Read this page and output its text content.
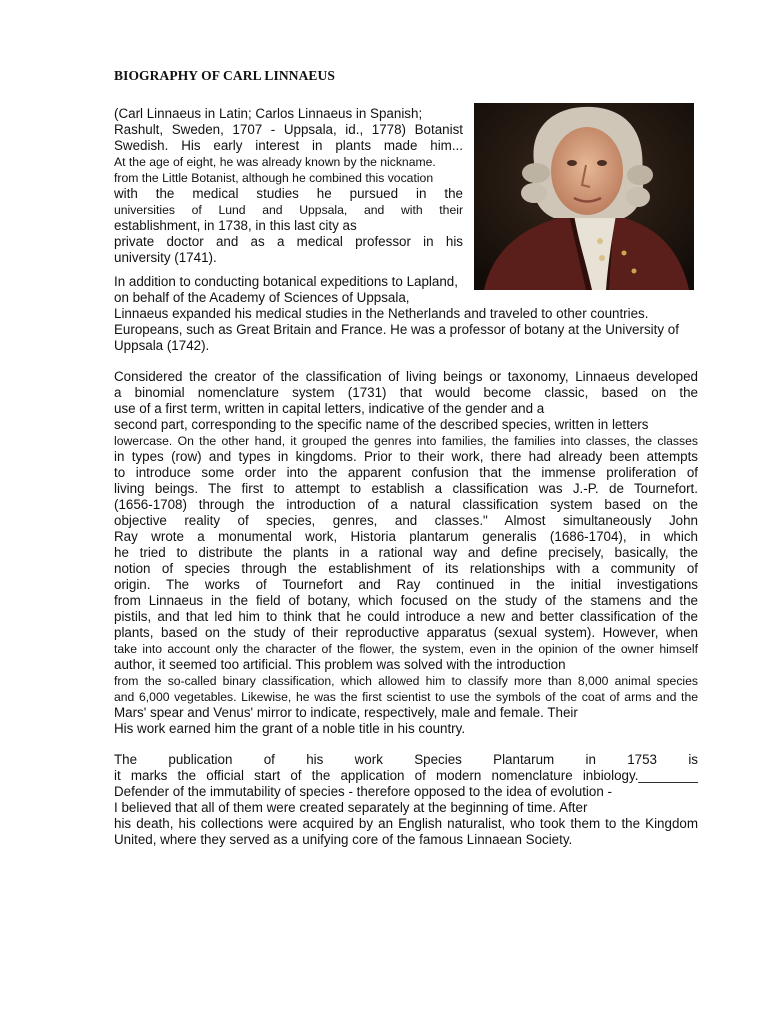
BIOGRAPHY OF CARL LINNAEUS
(Carl Linnaeus in Latin; Carlos Linnaeus in Spanish;
Rashult, Sweden, 1707 - Uppsala, id., 1778) Botanist
Swedish. His early interest in plants made him...
At the age of eight, he was already known by the nickname.
from the Little Botanist, although he combined this vocation
with the medical studies he pursued in the
universities of Lund and Uppsala, and with their
establishment, in 1738, in this last city as
private doctor and as a medical professor in his
university (1741).
In addition to conducting botanical expeditions to Lapland,
on behalf of the Academy of Sciences of Uppsala,
Linnaeus expanded his medical studies in the Netherlands and traveled to other countries.
Europeans, such as Great Britain and France. He was a professor of botany at the University of
Uppsala (1742).
Considered the creator of the classification of living beings or taxonomy, Linnaeus developed
a binomial nomenclature system (1731) that would become classic, based on the
use of a first term, written in capital letters, indicative of the gender and a
second part, corresponding to the specific name of the described species, written in letters
lowercase. On the other hand, it grouped the genres into families, the families into classes, the classes
in types (row) and types in kingdoms. Prior to their work, there had already been attempts
to introduce some order into the apparent confusion that the immense proliferation of
living beings. The first to attempt to establish a classification was J.-P. de Tournefort.
(1656-1708) through the introduction of a natural classification system based on the
objective reality of species, genres, and classes." Almost simultaneously John
Ray wrote a monumental work, Historia plantarum generalis (1686-1704), in which
he tried to distribute the plants in a rational way and define precisely, basically, the
notion of species through the establishment of its relationships with a community of
origin. The works of Tournefort and Ray continued in the initial investigations
from Linnaeus in the field of botany, which focused on the study of the stamens and the
pistils, and that led him to think that he could introduce a new and better classification of the
plants, based on the study of their reproductive apparatus (sexual system). However, when
take into account only the character of the flower, the system, even in the opinion of the owner himself
author, it seemed too artificial. This problem was solved with the introduction
from the so-called binary classification, which allowed him to classify more than 8,000 animal species
and 6,000 vegetables. Likewise, he was the first scientist to use the symbols of the coat of arms and the
Mars' spear and Venus' mirror to indicate, respectively, male and female. Their
His work earned him the grant of a noble title in his country.
The publication of his work Species Plantarum in 1753 is
it marks the official start of the application of modern nomenclature inbiology.________
Defender of the immutability of species - therefore opposed to the idea of evolution -
I believed that all of them were created separately at the beginning of time. After
his death, his collections were acquired by an English naturalist, who took them to the Kingdom
United, where they served as a unifying core of the famous Linnaean Society.
